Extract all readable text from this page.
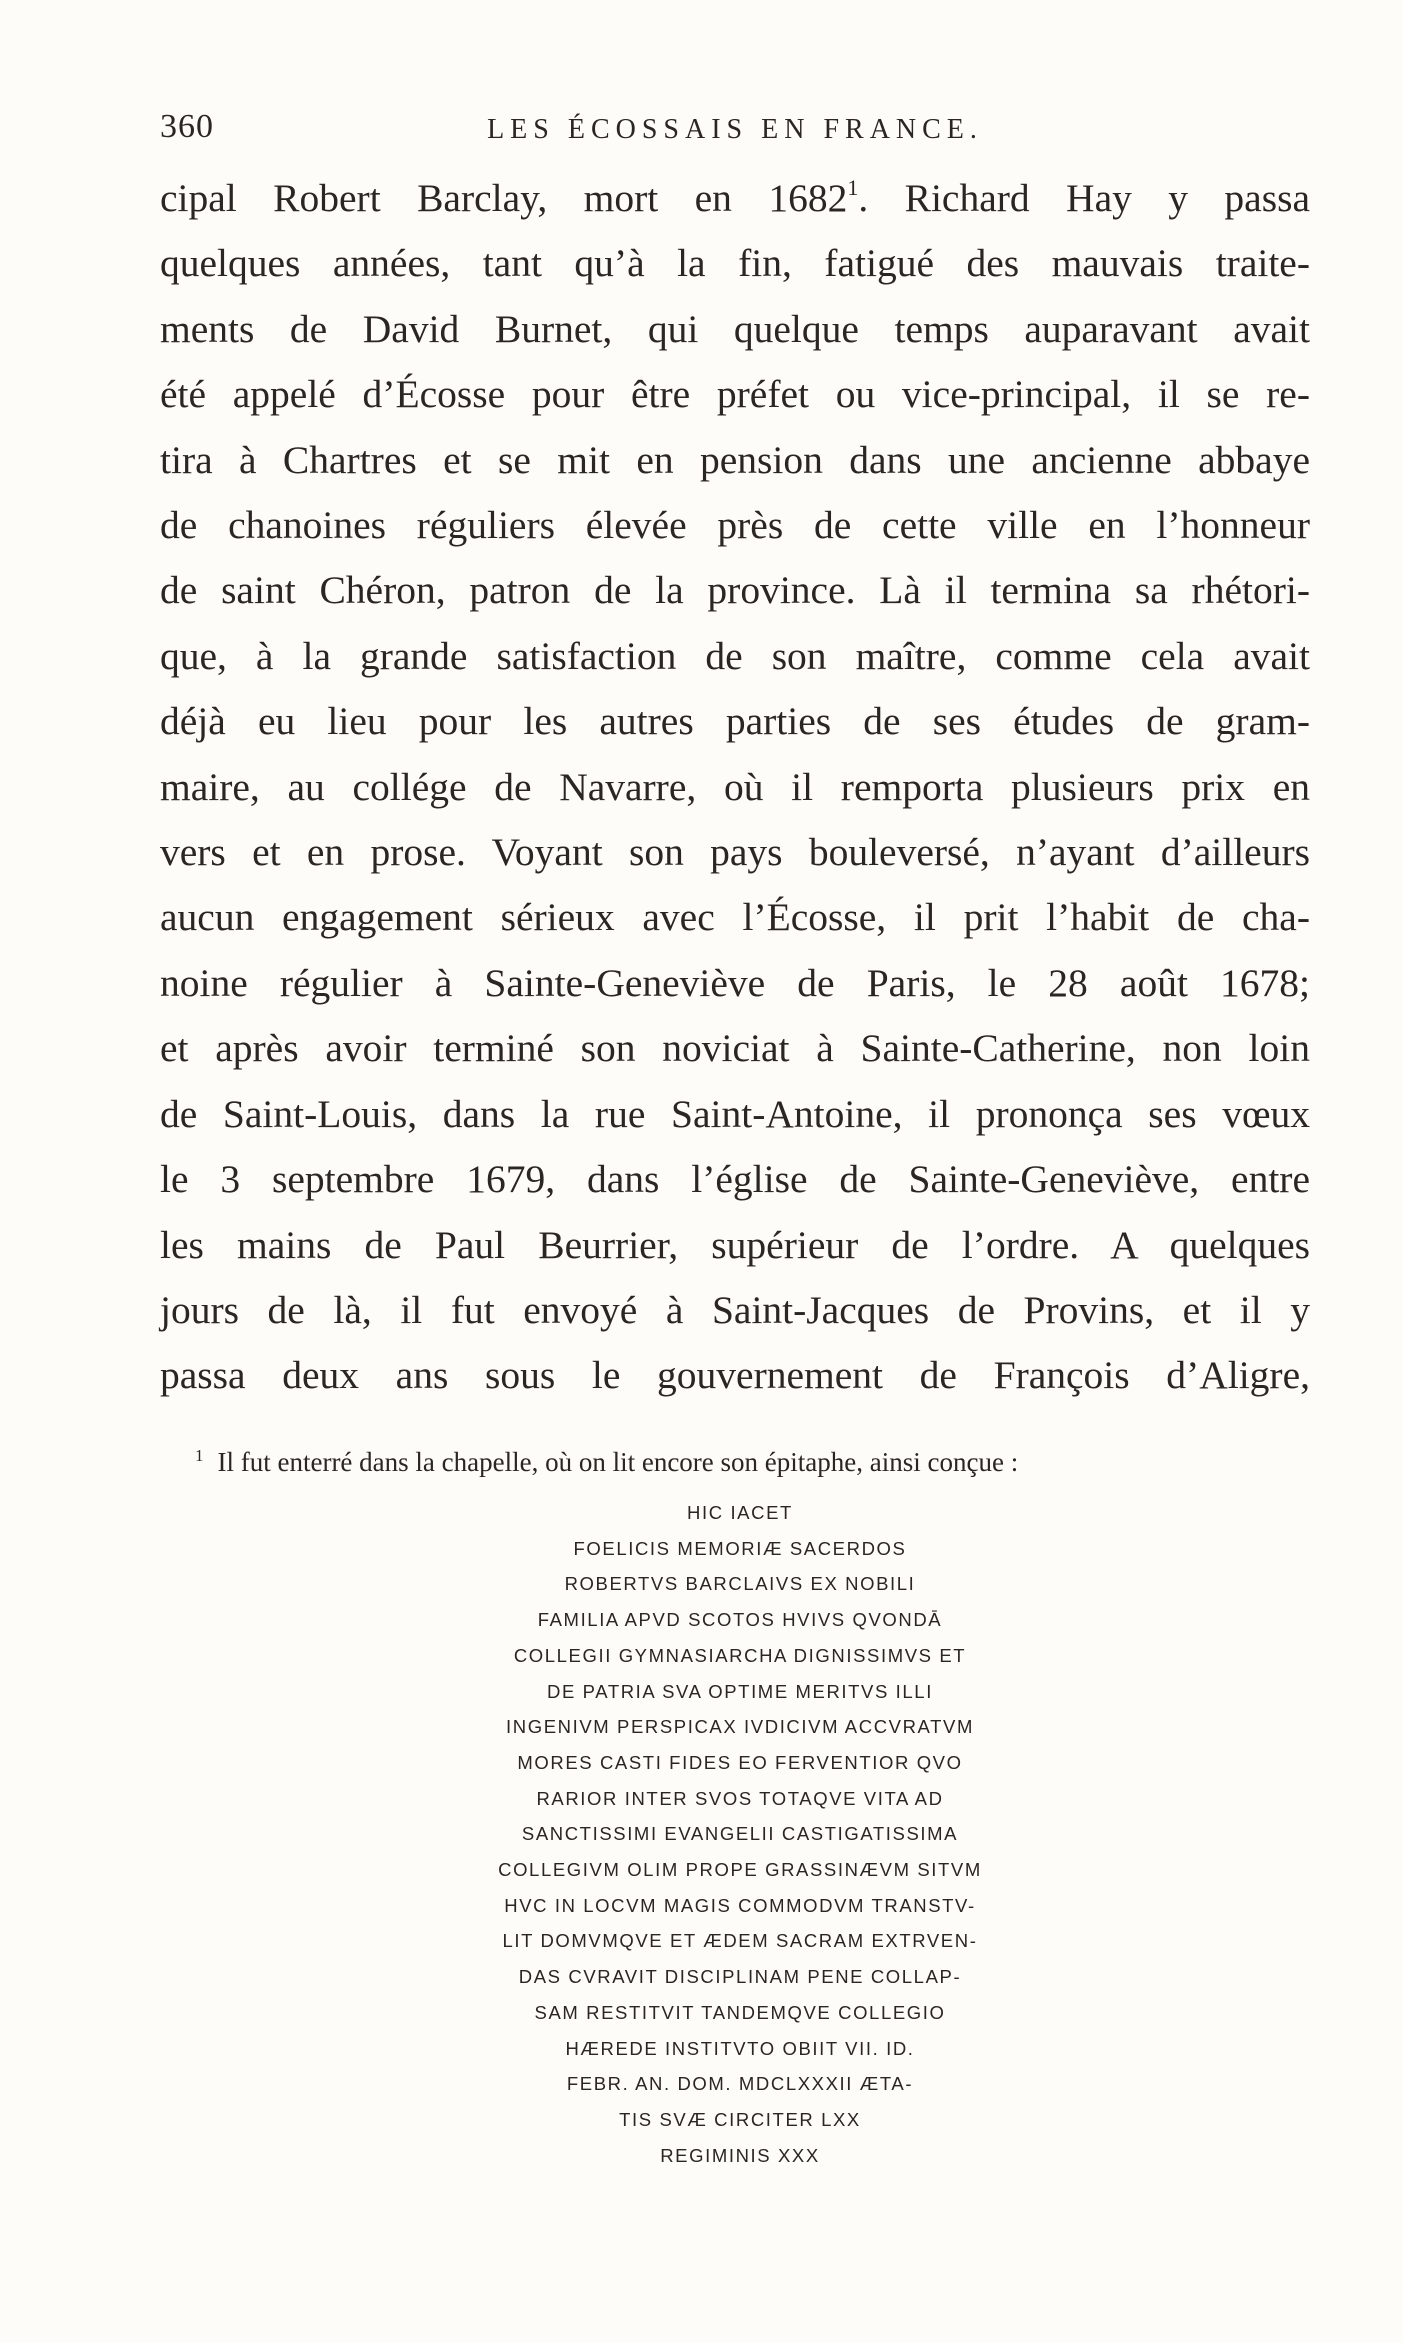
360	LES ÉCOSSAIS EN FRANCE.
cipal Robert Barclay, mort en 1682$^1$. Richard Hay y passa
quelques années, tant qu’à la fin, fatigué des mauvais traite-
ments de David Burnet, qui quelque temps auparavant avait
été appelé d’Écosse pour être préfet ou vice-principal, il se re-
tira à Chartres et se mit en pension dans une ancienne abbaye
de chanoines réguliers élevée près de cette ville en l’honneur
de saint Chéron, patron de la province. Là il termina sa rhétori-
que, à la grande satisfaction de son maître, comme cela avait
déjà eu lieu pour les autres parties de ses études de gram-
maire, au collége de Navarre, où il remporta plusieurs prix en
vers et en prose. Voyant son pays bouleversé, n’ayant d’ailleurs
aucun engagement sérieux avec l’Écosse, il prit l’habit de cha-
noine régulier à Sainte-Geneviève de Paris, le 28 août 1678;
et après avoir terminé son noviciat à Sainte-Catherine, non loin
de Saint-Louis, dans la rue Saint-Antoine, il prononça ses vœux
le 3 septembre 1679, dans l’église de Sainte-Geneviève, entre
les mains de Paul Beurrier, supérieur de l’ordre. A quelques
jours de là, il fut envoyé à Saint-Jacques de Provins, et il y
passa deux ans sous le gouvernement de François d’Aligre,
$^1$ Il fut enterré dans la chapelle, où on lit encore son épitaphe, ainsi conçue :
HIC IACET
FOELICIS MEMORIÆ SACERDOS
ROBERTVS BARCLAIVS EX NOBILI
FAMILIA APVD SCOTOS HVIVS QVONDĀ
COLLEGII GYMNASIARCHA DIGNISSIMVS ET
DE PATRIA SVA OPTIME MERITVS ILLI
INGENIVM PERSPICAX IVDICIVM ACCVRATVM
MORES CASTI FIDES EO FERVENTIOR QVO
RARIOR INTER SVOS TOTAQVE VITA AD
SANCTISSIMI EVANGELII CASTIGATISSIMA
COLLEGIVM OLIM PROPE GRASSINÆVM SITVM
HVC IN LOCVM MAGIS COMMODVM TRANSTV-
LIT DOMVMQVE ET ÆDEM SACRAM EXTRVEN-
DAS CVRAVIT DISCIPLINAM PENE COLLAP-
SAM RESTITVIT TANDEMQVE COLLEGIO
HÆREDE INSTITVTO OBIIT VII. ID.
FEBR. AN. DOM. MDCLXXXII ÆTA-
TIS SVÆ CIRCITER LXX
REGIMINIS XXX
